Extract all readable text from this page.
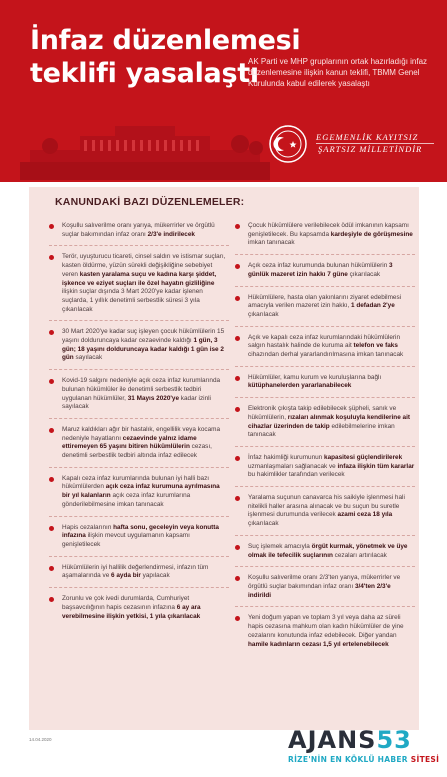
İnfaz düzenlemesi
teklifi yasalaştı
AK Parti ve MHP gruplarının ortak hazırladığı infaz düzenlemesine ilişkin kanun teklifi, TBMM Genel Kurulunda kabul edilerek yasalaştı
EGEMENLİK KAYITSIZ
ŞARTSIZ MİLLETİNDİR
KANUNDAKİ BAZI DÜZENLEMELER:
Koşullu salıverilme oranı yarıya, mükerrirler ve örgütlü suçlar bakımından infaz oranı 2/3'e indirilecek
Terör, uyuşturucu ticareti, cinsel saldırı ve istismar suçları, kasten öldürme, yüzün sürekli değişikliğine sebebiyet veren kasten yaralama suçu ve kadına karşı şiddet, işkence ve eziyet suçları ile özel hayatın gizliliğine ilişkin suçlar dışında 3 Mart 2020'ye kadar işlenen suçlarda, 1 yıllık denetimli serbestlik süresi 3 yıla çıkarılacak
30 Mart 2020'ye kadar suç işleyen çocuk hükümlülerin 15 yaşını dolduruncaya kadar cezaevinde kaldığı 1 gün, 3 gün; 18 yaşını dolduruncaya kadar kaldığı 1 gün ise 2 gün sayılacak
Kovid-19 salgını nedeniyle açık ceza infaz kurumlarında bulunan hükümlüler ile denetimli serbestlik tedbiri uygulanan hükümlüler, 31 Mayıs 2020'ye kadar izinli sayılacak
Maruz kaldıkları ağır bir hastalık, engellilik veya kocama nedeniyle hayatlarını cezaevinde yalnız idame ettiremeyen 65 yaşını bitiren hükümlülerin cezası, denetimli serbestlik tedbiri altında infaz edilecek
Kapalı ceza infaz kurumlarında bulunan iyi halli bazı hükümlülerden açık ceza infaz kurumuna ayrılmasına bir yıl kalanların açık ceza infaz kurumlarına gönderilebilmesine imkan tanınacak
Hapis cezalarının hafta sonu, geceleyin veya konutta infazına ilişkin mevcut uygulamanın kapsamı genişletilecek
Hükümlülerin iyi hallilik değerlendirmesi, infazın tüm aşamalarında ve 6 ayda bir yapılacak
Zorunlu ve çok ivedi durumlarda, Cumhuriyet başsavcılığının hapis cezasının infazına 6 ay ara verebilmesine ilişkin yetkisi, 1 yıla çıkarılacak
Çocuk hükümlülere verilebilecek ödül imkanının kapsamı genişletilecek. Bu kapsamda kardeşiyle de görüşmesine imkan tanınacak
Açık ceza infaz kurumunda bulunan hükümlülerin 3 günlük mazeret izin hakkı 7 güne çıkarılacak
Hükümlülere, hasta olan yakınlarını ziyaret edebilmesi amacıyla verilen mazeret izin hakkı, 1 defadan 2'ye çıkarılacak
Açık ve kapalı ceza infaz kurumlarındaki hükümlülerin salgın hastalık halinde de kuruma ait telefon ve faks cihazından derhal yararlandırılmasına imkan tanınacak
Hükümlüler, kamu kurum ve kuruluşlarına bağlı kütüphanelerden yararlanabilecek
Elektronik çıkışta takip edilebilecek şüpheli, sanık ve hükümlülerin, rızaları alınmak koşuluyla kendilerine ait cihazlar üzerinden de takip edilebilmelerine imkan tanınacak
İnfaz hakimliği kurumunun kapasitesi güçlendirilerek uzmanlaşmaları sağlanacak ve infaza ilişkin tüm kararlar bu hakimlikler tarafından verilecek
Yaralama suçunun canavarca his saikiyle işlenmesi hali nitelikli haller arasına alınacak ve bu suçun bu suretle işlenmesi durumunda verilecek azami ceza 18 yıla çıkarılacak
Suç işlemek amacıyla örgüt kurmak, yönetmek ve üye olmak ile tefecilik suçlarının cezaları artırılacak
Koşullu salıverilme oranı 2/3'ten yarıya, mükerrirler ve örgütlü suçlar bakımından infaz oranı 3/4'ten 2/3'e indirildi
Yeni doğum yapan ve toplam 3 yıl veya daha az süreli hapis cezasına mahkum olan kadın hükümlüler de yine cezalarını konutunda infaz edebilecek. Diğer yandan hamile kadınların cezası 1,5 yıl ertelenebilecek
14.04.2020	AJANS53
RİZE'NİN EN KÖKLÜ HABER SİTESİ
